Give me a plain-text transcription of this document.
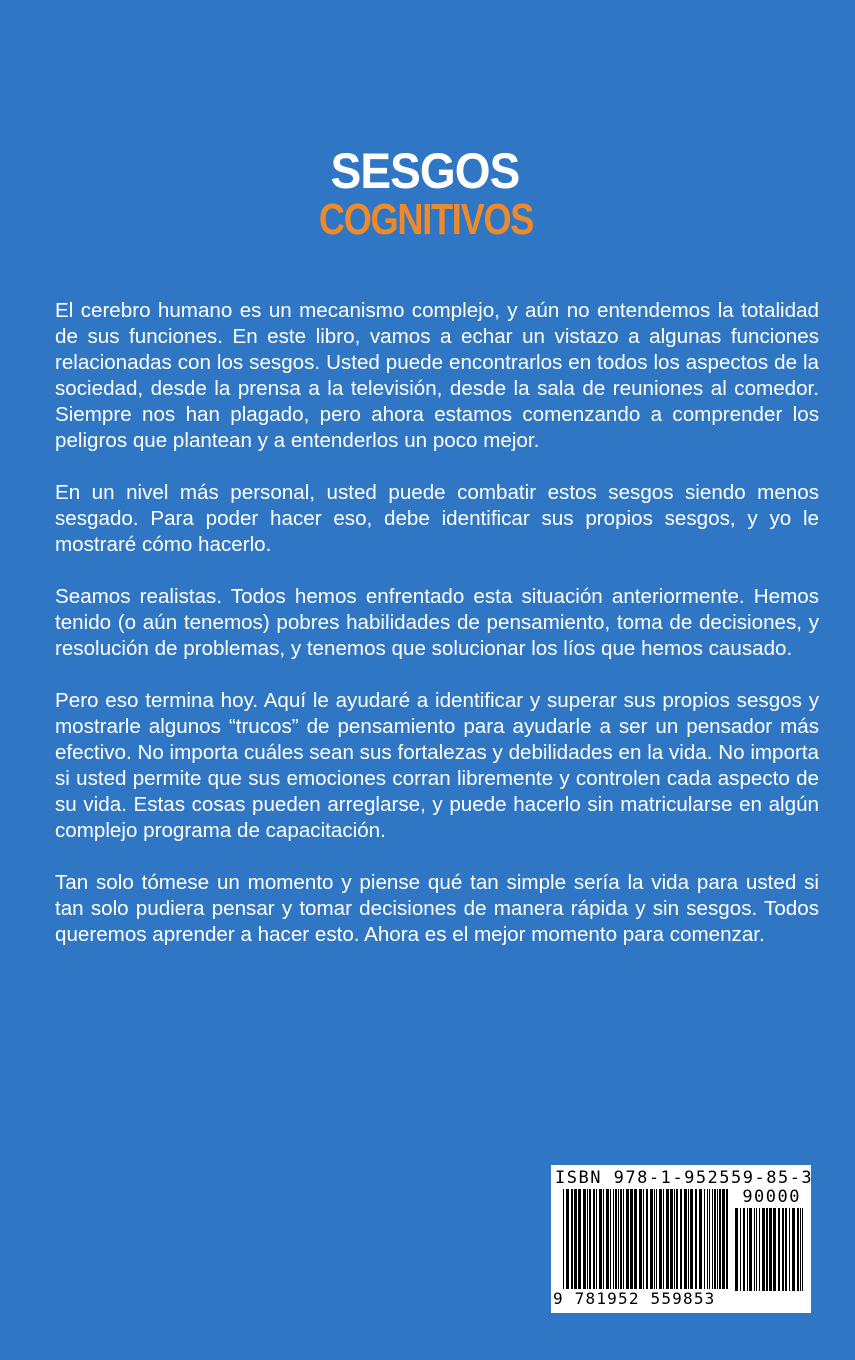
SESGOS
COGNITIVOS

El cerebro humano es un mecanismo complejo, y aún no entendemos la totalidad de sus funciones. En este libro, vamos a echar un vistazo a algunas funciones relacionadas con los sesgos. Usted puede encontrarlos en todos los aspectos de la sociedad, desde la prensa a la televisión, desde la sala de reuniones al comedor. Siempre nos han plagado, pero ahora estamos comenzando a comprender los peligros que plantean y a entenderlos un poco mejor.

En un nivel más personal, usted puede combatir estos sesgos siendo menos sesgado. Para poder hacer eso, debe identificar sus propios sesgos, y yo le mostraré cómo hacerlo.

Seamos realistas. Todos hemos enfrentado esta situación anteriormente. Hemos tenido (o aún tenemos) pobres habilidades de pensamiento, toma de decisiones, y resolución de problemas, y tenemos que solucionar los líos que hemos causado.

Pero eso termina hoy. Aquí le ayudaré a identificar y superar sus propios sesgos y mostrarle algunos “trucos” de pensamiento para ayudarle a ser un pensador más efectivo. No importa cuáles sean sus fortalezas y debilidades en la vida. No importa si usted permite que sus emociones corran libremente y controlen cada aspecto de su vida. Estas cosas pueden arreglarse, y puede hacerlo sin matricularse en algún complejo programa de capacitación.

Tan solo tómese un momento y piense qué tan simple sería la vida para usted si tan solo pudiera pensar y tomar decisiones de manera rápida y sin sesgos. Todos queremos aprender a hacer esto. Ahora es el mejor momento para comenzar.

ISBN 978-1-952559-85-3
90000
9 781952 559853
